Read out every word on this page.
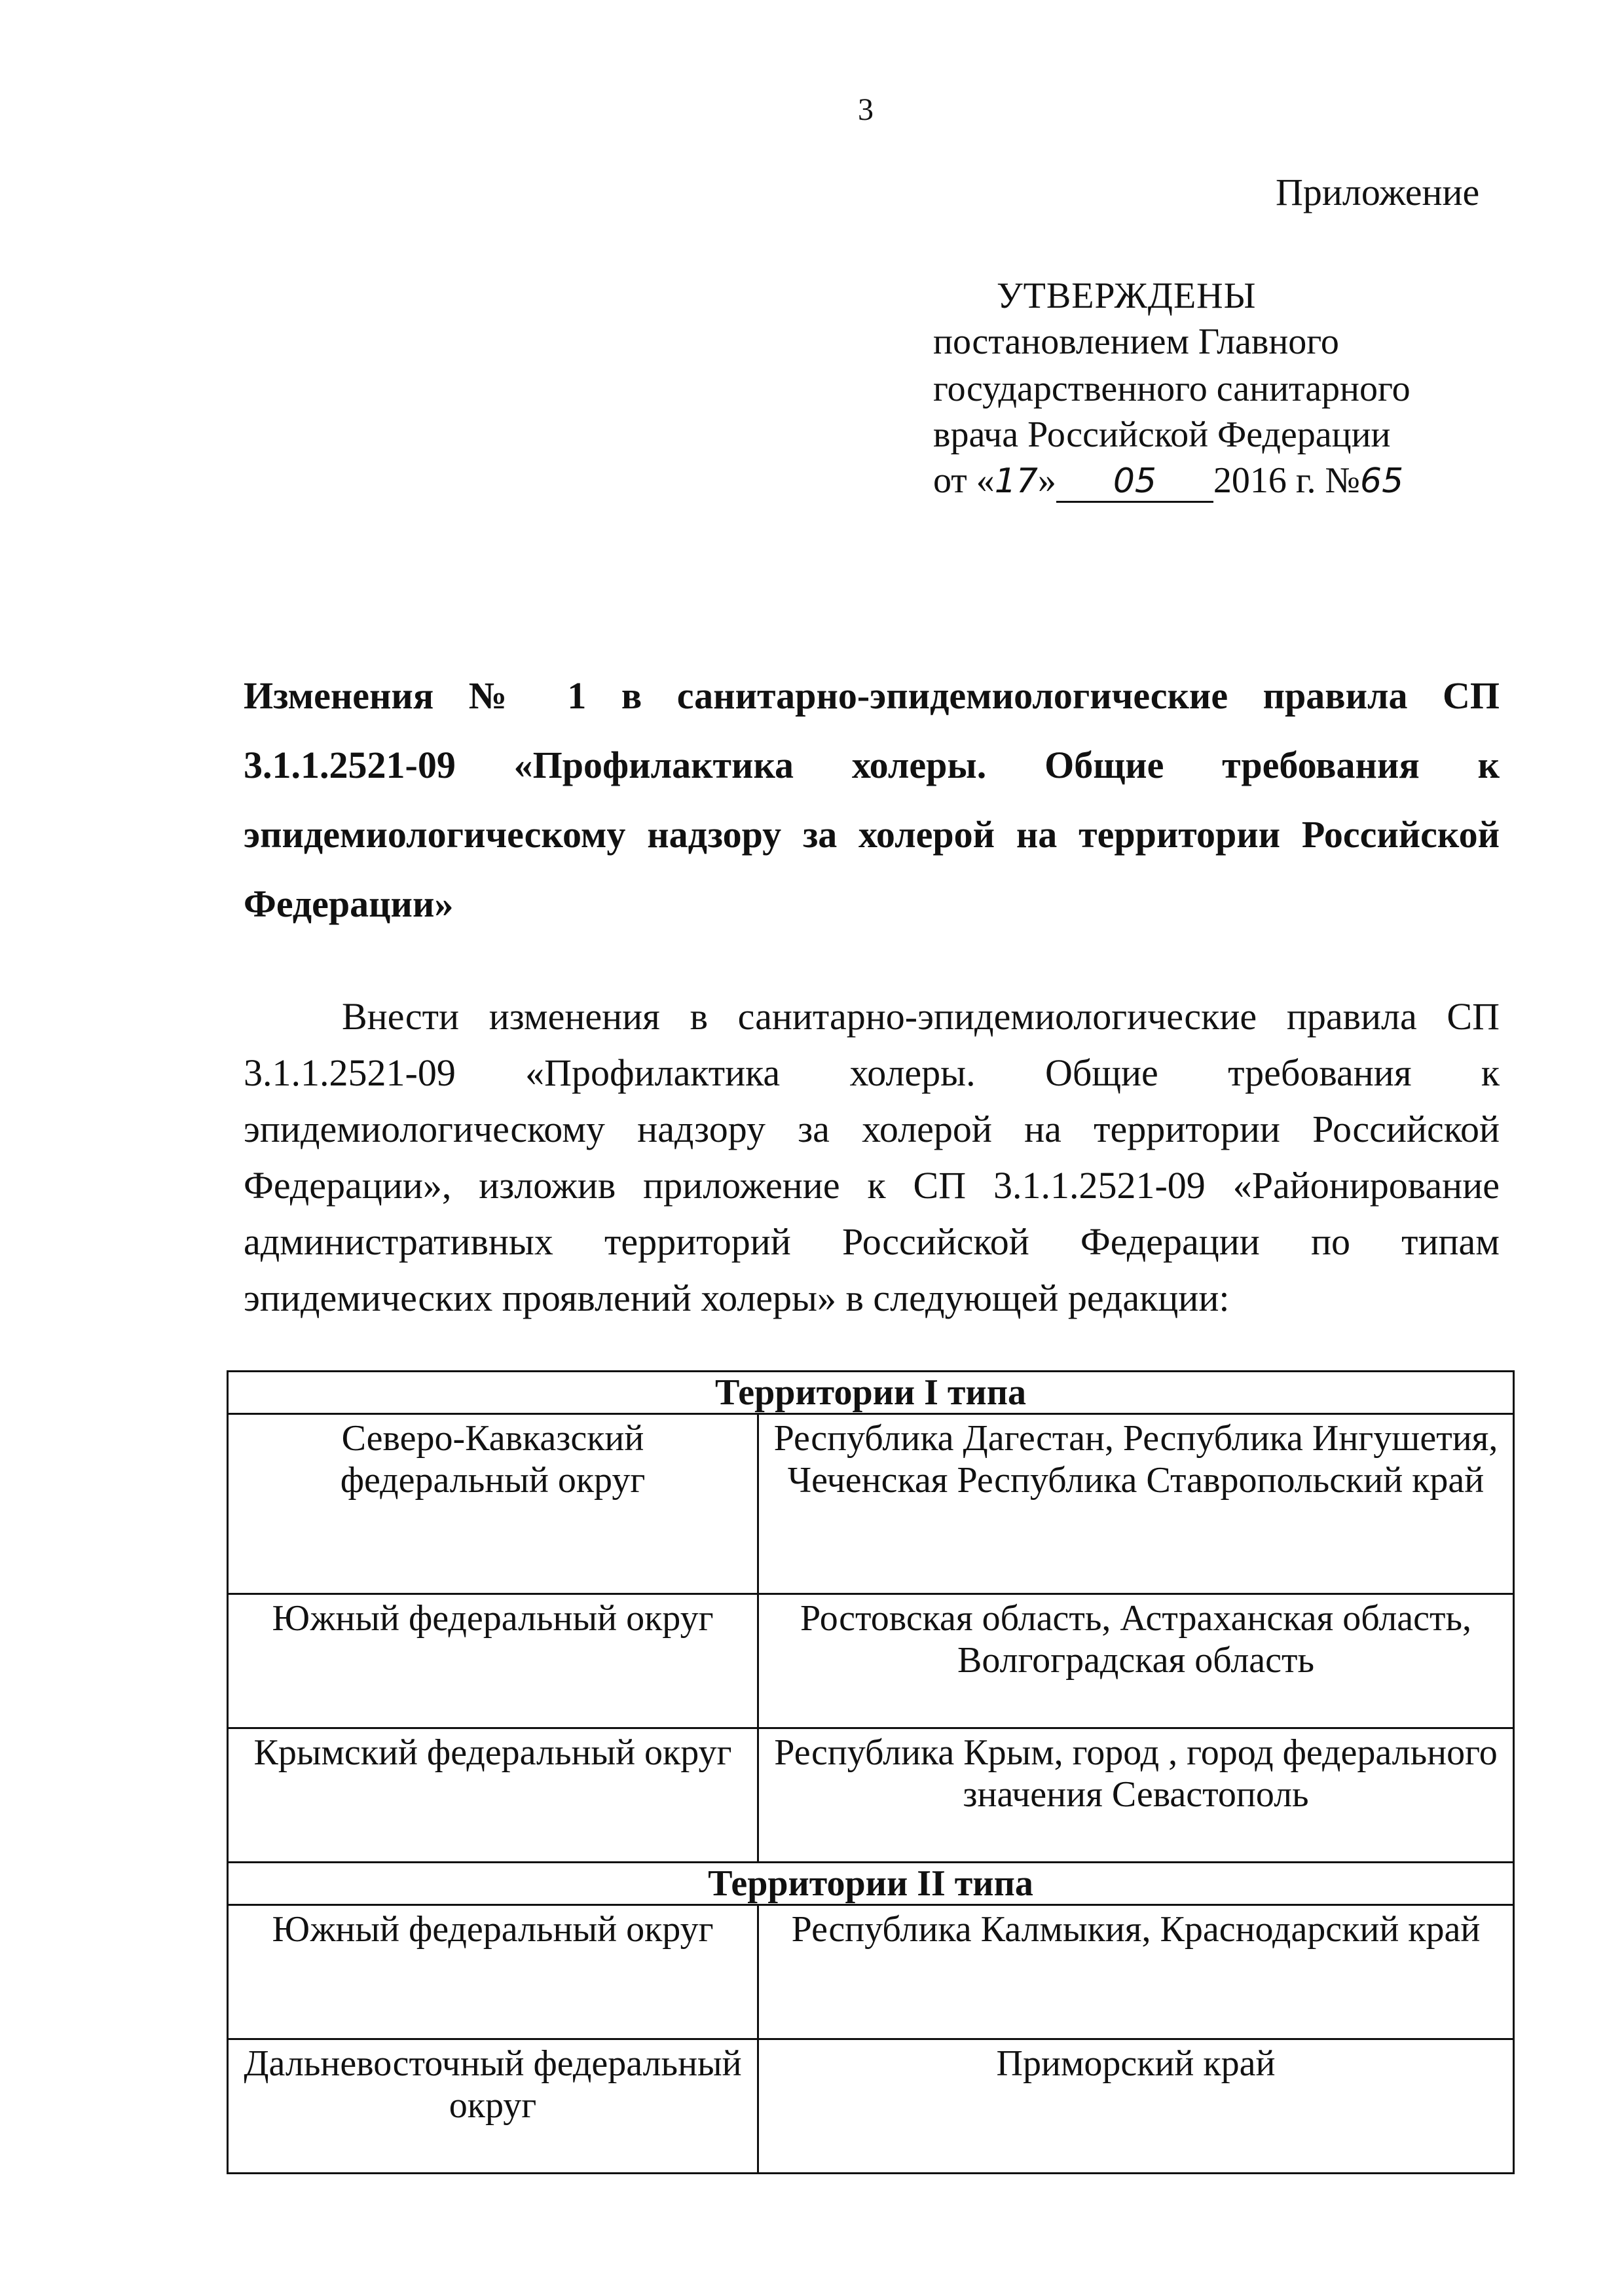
3
Приложение
УТВЕРЖДЕНЫ
постановлением Главного
государственного санитарного
врача Российской Федерации
от «17» 05 2016 г. №65
Изменения № 1 в санитарно-эпидемиологические правила СП 3.1.1.2521-09 «Профилактика холеры. Общие требования к эпидемиологическому надзору за холерой на территории Российской Федерации»
Внести изменения в санитарно-эпидемиологические правила СП 3.1.1.2521-09 «Профилактика холеры. Общие требования к эпидемиологическому надзору за холерой на территории Российской Федерации», изложив приложение к СП 3.1.1.2521-09 «Районирование административных территорий Российской Федерации по типам эпидемических проявлений холеры» в следующей редакции:
Территории I типа	
Северо-Кавказский федеральный округ	Республика Дагестан, Республика Ингушетия, Чеченская Республика Ставропольский край
Южный федеральный округ	Ростовская область, Астраханская область, Волгоградская область
Крымский федеральный округ	Республика Крым, город , город федерального значения Севастополь
Территории II типа	
Южный федеральный округ	Республика Калмыкия, Краснодарский край
Дальневосточный федеральный округ	Приморский край
